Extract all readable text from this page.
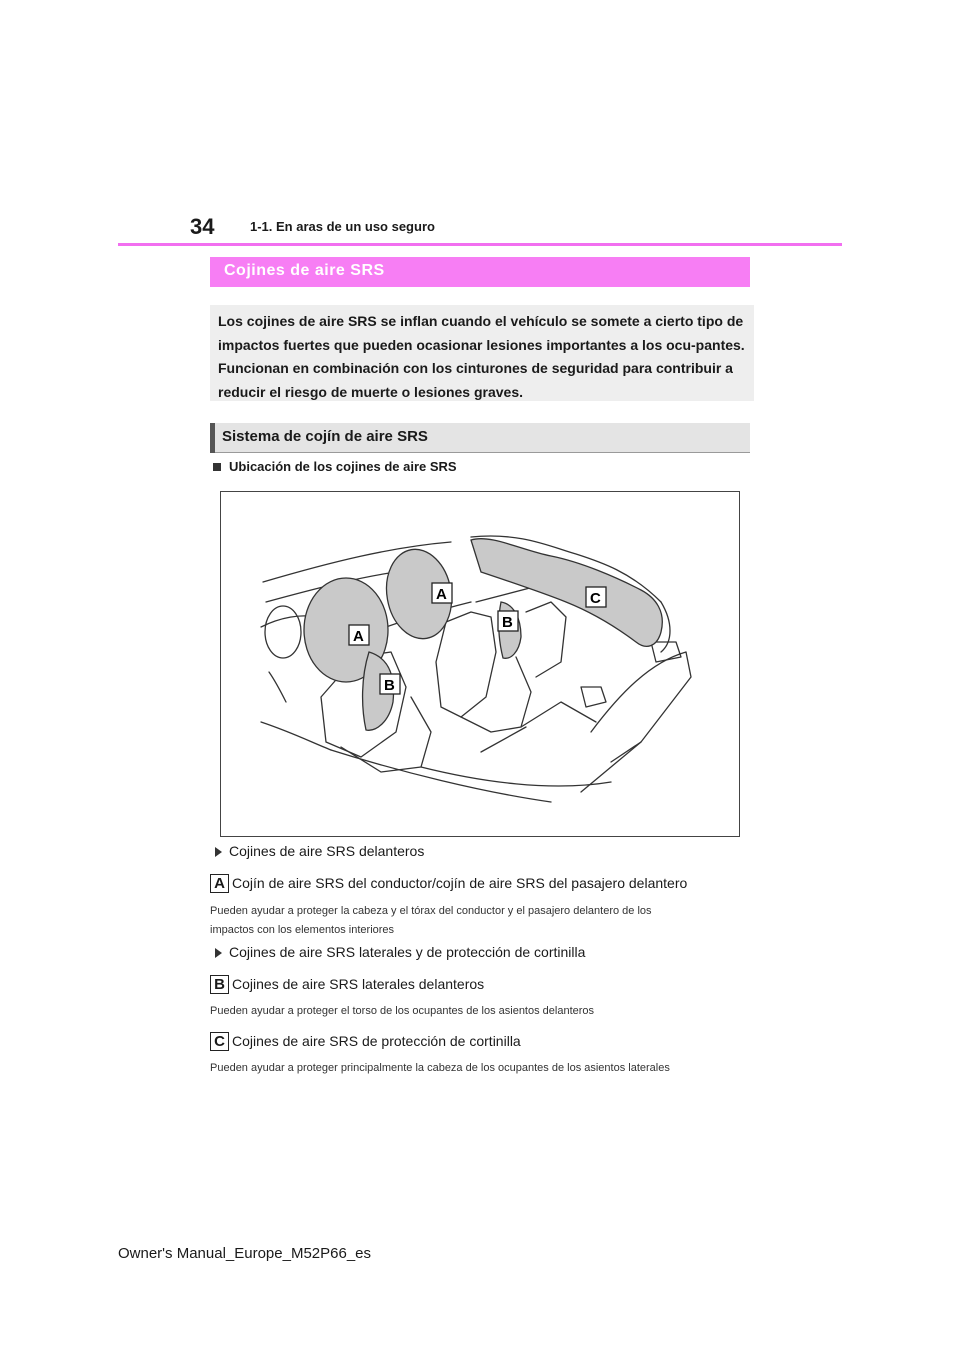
34	1-1. En aras de un uso seguro
Cojines de aire SRS
Los cojines de aire SRS se inflan cuando el vehículo se somete a cierto tipo de impactos fuertes que pueden ocasionar lesiones importantes a los ocu-pantes. Funcionan en combinación con los cinturones de seguridad para contribuir a reducir el riesgo de muerte o lesiones graves.
Sistema de cojín de aire SRS
Ubicación de los cojines de aire SRS
A
A
B
B
C
Cojines de aire SRS delanteros
A Cojín de aire SRS del conductor/cojín de aire SRS del pasajero delantero
Pueden ayudar a proteger la cabeza y el tórax del conductor y el pasajero delantero de los
impactos con los elementos interiores
Cojines de aire SRS laterales y de protección de cortinilla
B Cojines de aire SRS laterales delanteros
Pueden ayudar a proteger el torso de los ocupantes de los asientos delanteros
C Cojines de aire SRS de protección de cortinilla
Pueden ayudar a proteger principalmente la cabeza de los ocupantes de los asientos laterales
Owner's Manual_Europe_M52P66_es
